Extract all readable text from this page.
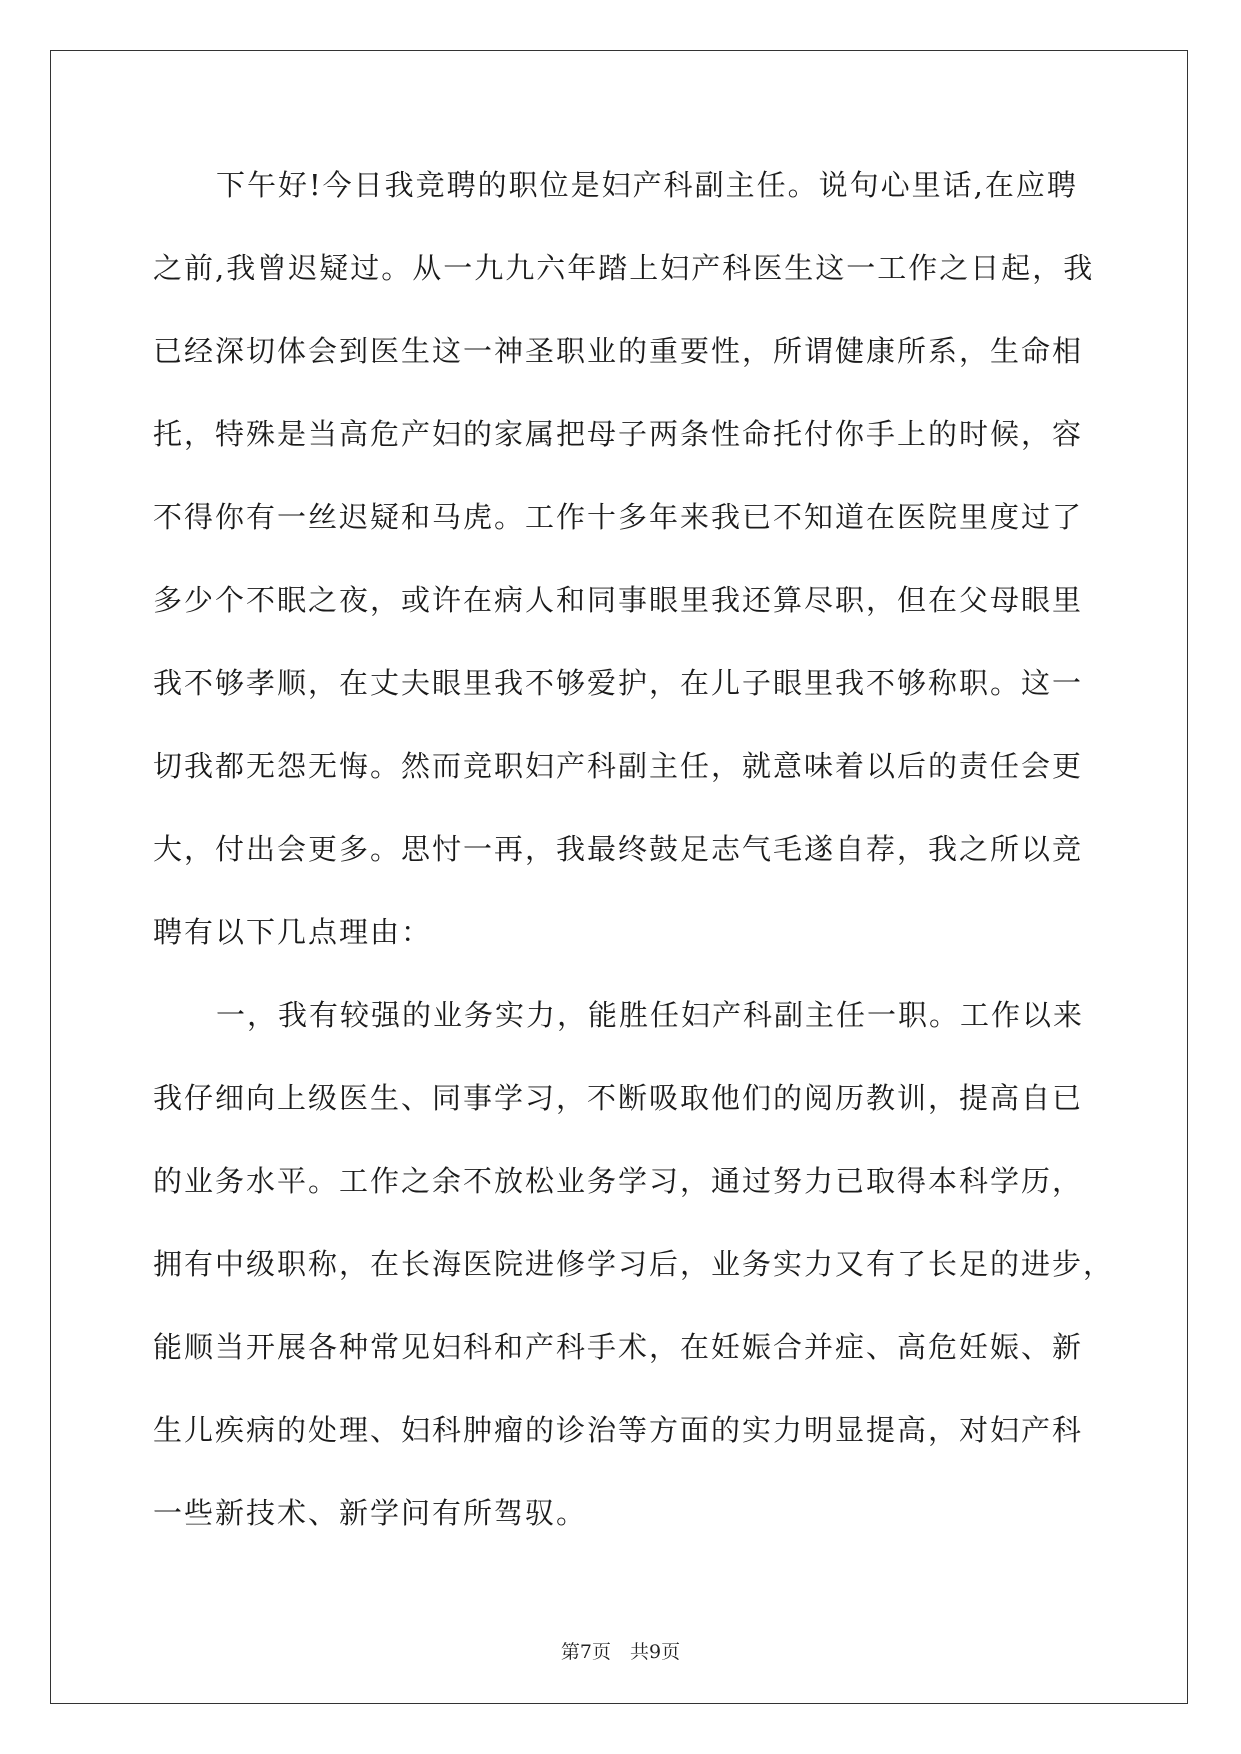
下午好!今日我竞聘的职位是妇产科副主任。说句心里话,在应聘
之前,我曾迟疑过。从一九九六年踏上妇产科医生这一工作之日起，我
已经深切体会到医生这一神圣职业的重要性，所谓健康所系，生命相
托，特殊是当高危产妇的家属把母子两条性命托付你手上的时候，容
不得你有一丝迟疑和马虎。工作十多年来我已不知道在医院里度过了
多少个不眠之夜，或许在病人和同事眼里我还算尽职，但在父母眼里
我不够孝顺，在丈夫眼里我不够爱护，在儿子眼里我不够称职。这一
切我都无怨无悔。然而竞职妇产科副主任，就意味着以后的责任会更
大，付出会更多。思忖一再，我最终鼓足志气毛遂自荐，我之所以竞
聘有以下几点理由：
一，我有较强的业务实力，能胜任妇产科副主任一职。工作以来
我仔细向上级医生、同事学习，不断吸取他们的阅历教训，提高自已
的业务水平。工作之余不放松业务学习，通过努力已取得本科学历，
拥有中级职称，在长海医院进修学习后，业务实力又有了长足的进步，
能顺当开展各种常见妇科和产科手术，在妊娠合并症、高危妊娠、新
生儿疾病的处理、妇科肿瘤的诊治等方面的实力明显提高，对妇产科
一些新技术、新学问有所驾驭。
第7页　共9页
